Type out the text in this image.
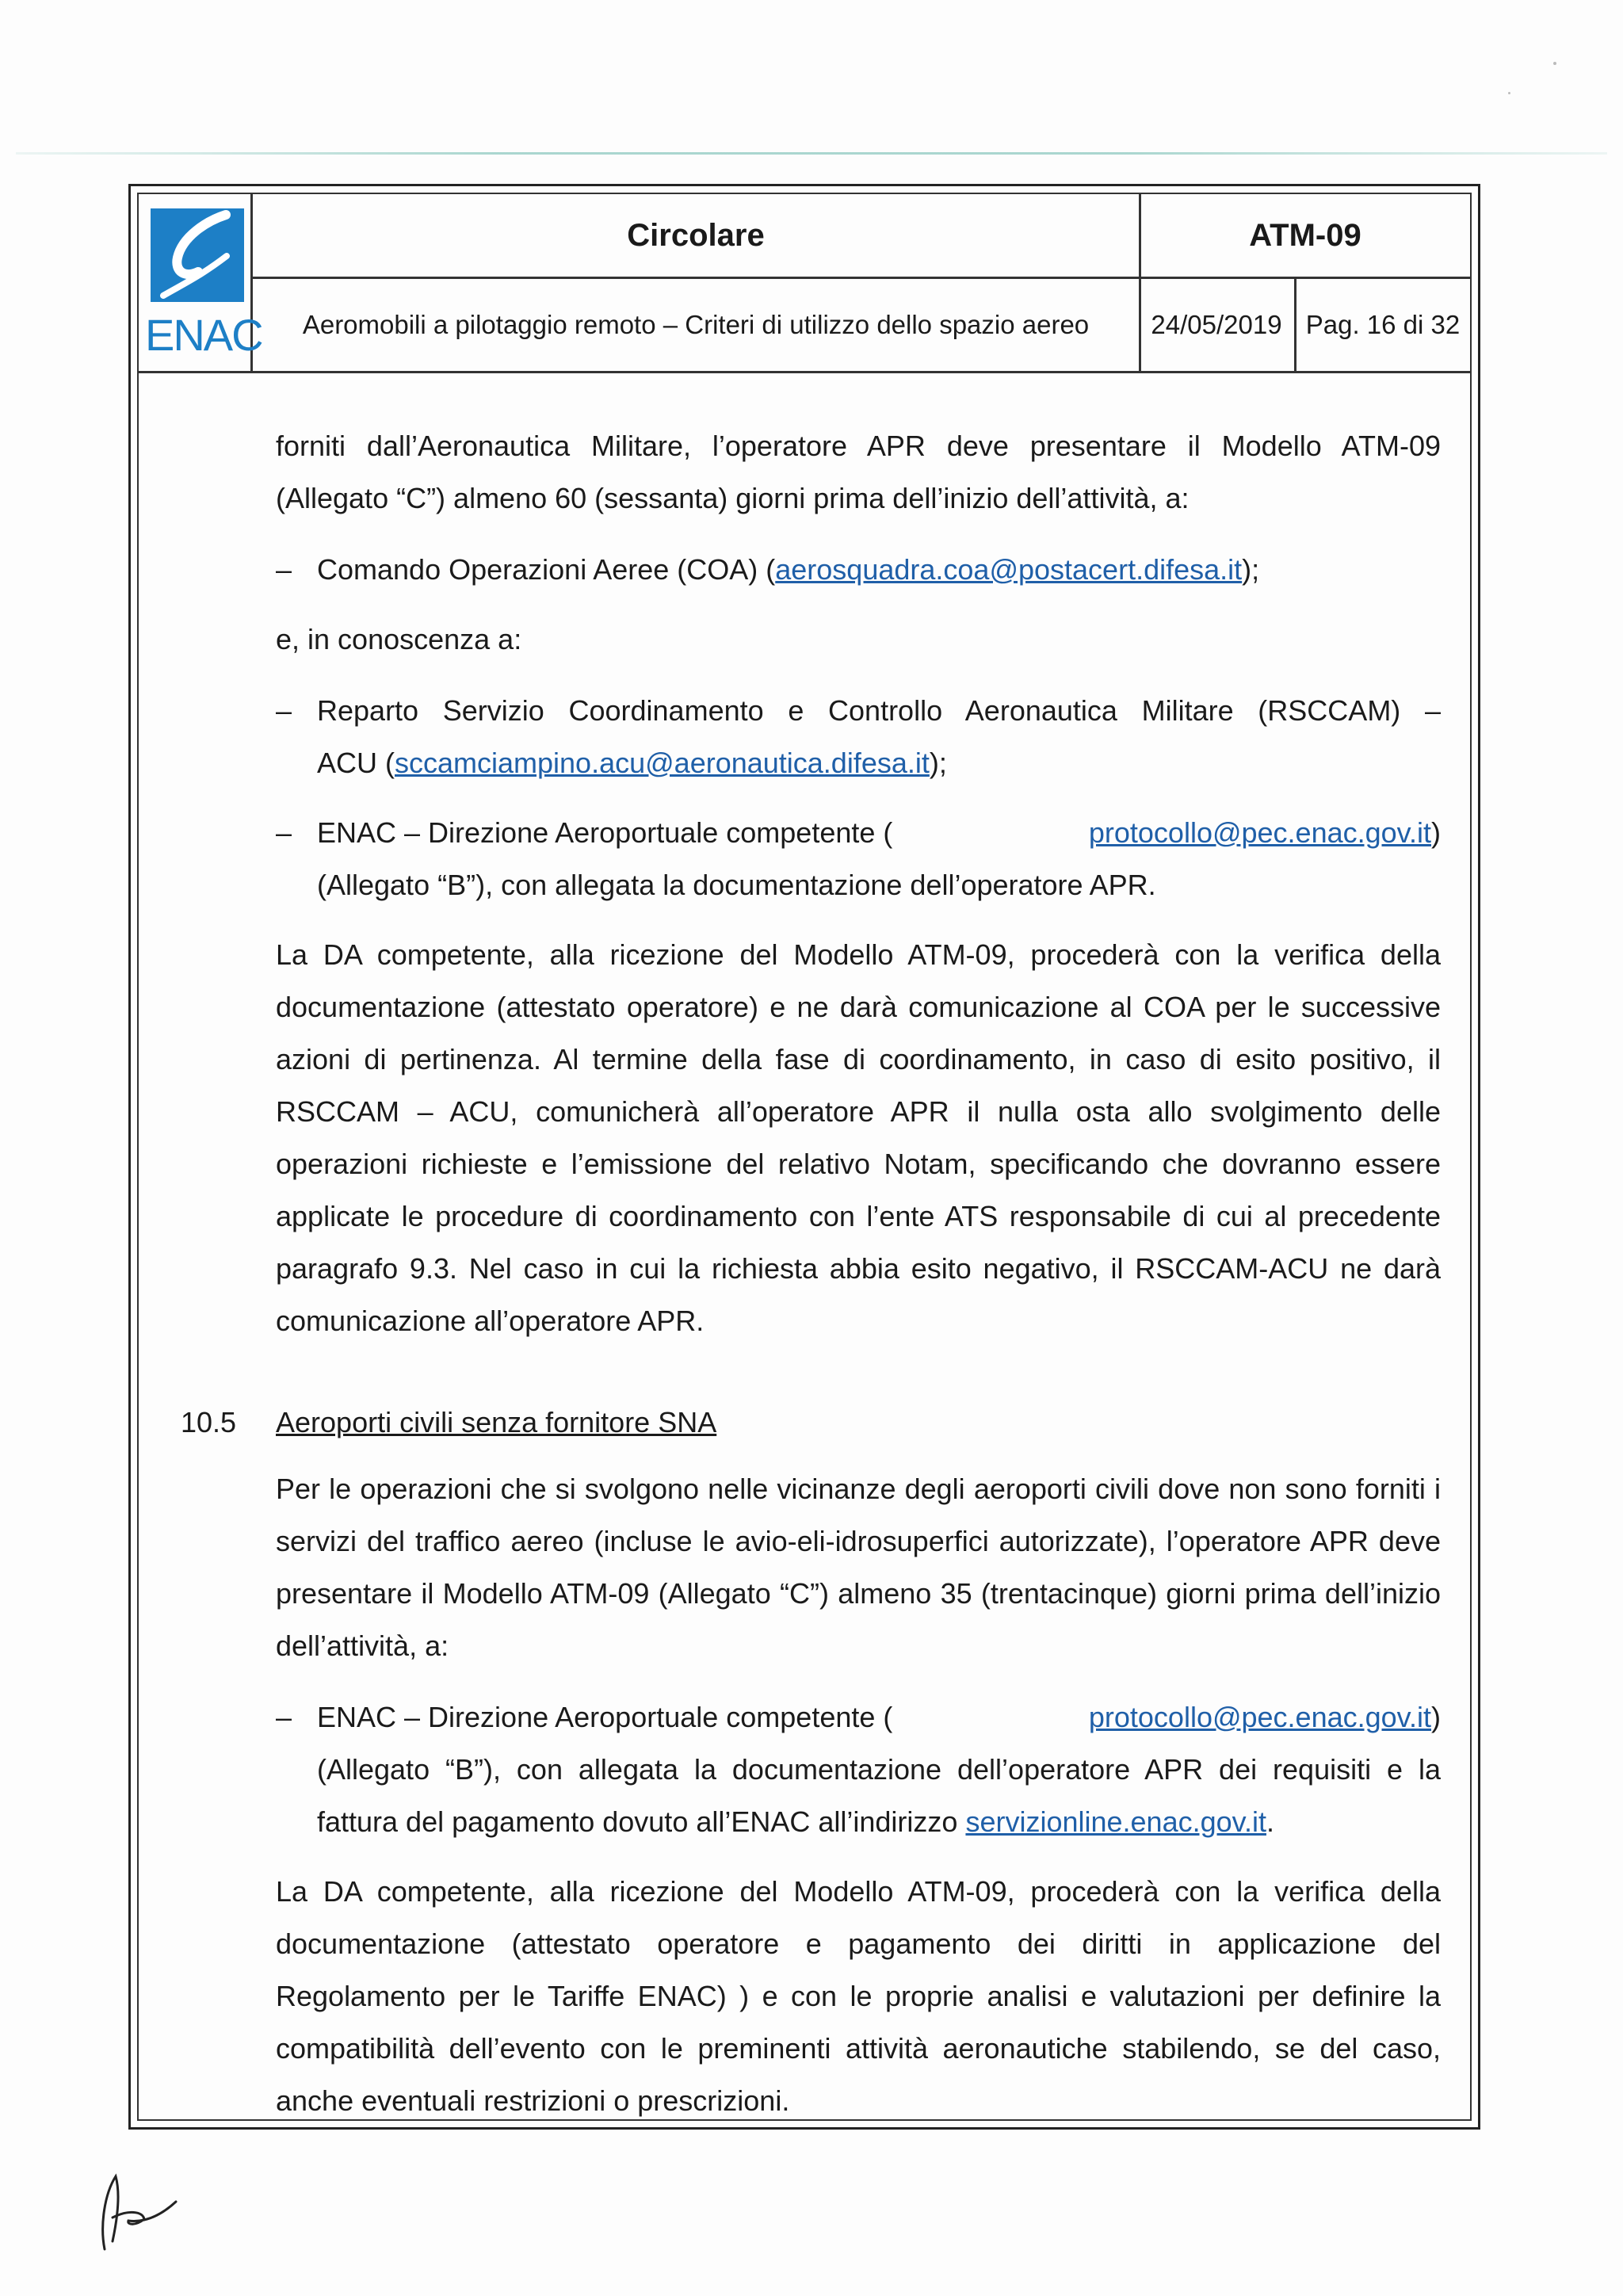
ENAC
Circolare	ATM-09
Aeromobili a pilotaggio remoto – Criteri di utilizzo dello spazio aereo	24/05/2019 Pag. 16 di 32

forniti dall’Aeronautica Militare, l’operatore APR deve presentare il Modello ATM-09 (Allegato “C”) almeno 60 (sessanta) giorni prima dell’inizio dell’attività, a:

– Comando Operazioni Aeree (COA) (aerosquadra.coa@postacert.difesa.it);

e, in conoscenza a:

– Reparto Servizio Coordinamento e Controllo Aeronautica Militare (RSCCAM) –
ACU (sccamciampino.acu@aeronautica.difesa.it);
– ENAC – Direzione Aeroportuale competente (	protocollo@pec.enac.gov.it)
(Allegato “B”), con allegata la documentazione dell’operatore APR.

La DA competente, alla ricezione del Modello ATM-09, procederà con la verifica della documentazione (attestato operatore) e ne darà comunicazione al COA per le successive azioni di pertinenza. Al termine della fase di coordinamento, in caso di esito positivo, il RSCCAM – ACU, comunicherà all’operatore APR il nulla osta allo svolgimento delle operazioni richieste e l’emissione del relativo Notam, specificando che dovranno essere applicate le procedure di coordinamento con l’ente ATS responsabile di cui al precedente paragrafo 9.3. Nel caso in cui la richiesta abbia esito negativo, il RSCCAM-ACU ne darà comunicazione all’operatore APR.

10.5	Aeroporti civili senza fornitore SNA

Per le operazioni che si svolgono nelle vicinanze degli aeroporti civili dove non sono forniti i servizi del traffico aereo (incluse le avio-eli-idrosuperfici autorizzate), l’operatore APR deve presentare il Modello ATM-09 (Allegato “C”) almeno 35 (trentacinque) giorni prima dell’inizio dell’attività, a:

– ENAC – Direzione Aeroportuale competente (	protocollo@pec.enac.gov.it)
(Allegato “B”), con allegata la documentazione dell’operatore APR dei requisiti e la fattura del pagamento dovuto all’ENAC all’indirizzo servizionline.enac.gov.it.

La DA competente, alla ricezione del Modello ATM-09, procederà con la verifica della documentazione (attestato operatore e pagamento dei diritti in applicazione del Regolamento per le Tariffe ENAC) ) e con le proprie analisi e valutazioni per definire la compatibilità dell’evento con le preminenti attività aeronautiche stabilendo, se del caso, anche eventuali restrizioni o prescrizioni.
